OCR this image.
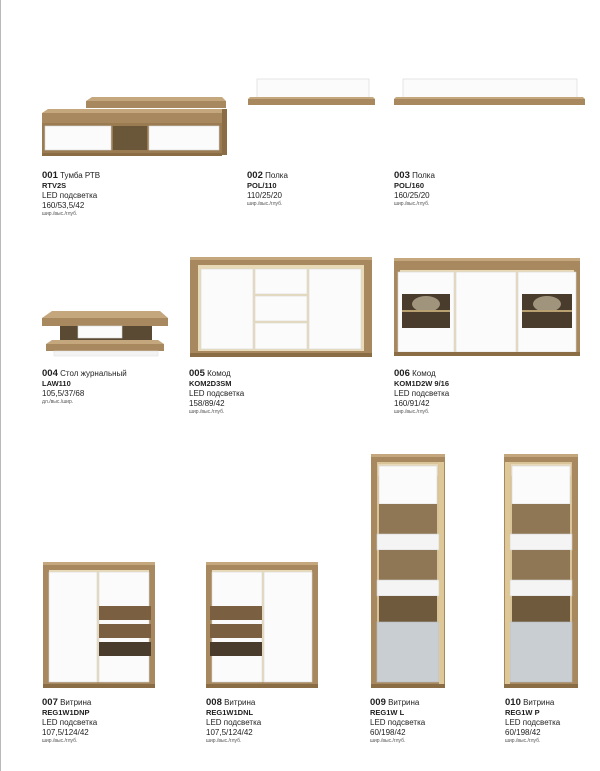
001 Тумба РТВ
RTV2S
LED подсветка
160/53,5/42
шир./выс./глуб.
002 Полка
POL/110
110/25/20
шир./выс./глуб.
003 Полка
POL/160
160/25/20
шир./выс./глуб.
004 Стол журнальный
LAW110
105,5/37/68
дл./выс./шир.
005 Комод
KOM2D3SM
LED подсветка
158/89/42
шир./выс./глуб.
006 Комод
KOM1D2W 9/16
LED подсветка
160/91/42
шир./выс./глуб.
007 Витрина
REG1W1DNP
LED подсветка
107,5/124/42
шир./выс./глуб.
008 Витрина
REG1W1DNL
LED подсветка
107,5/124/42
шир./выс./глуб.
009 Витрина
REG1W L
LED подсветка
60/198/42
шир./выс./глуб.
010 Витрина
REG1W P
LED подсветка
60/198/42
шир./выс./глуб.
